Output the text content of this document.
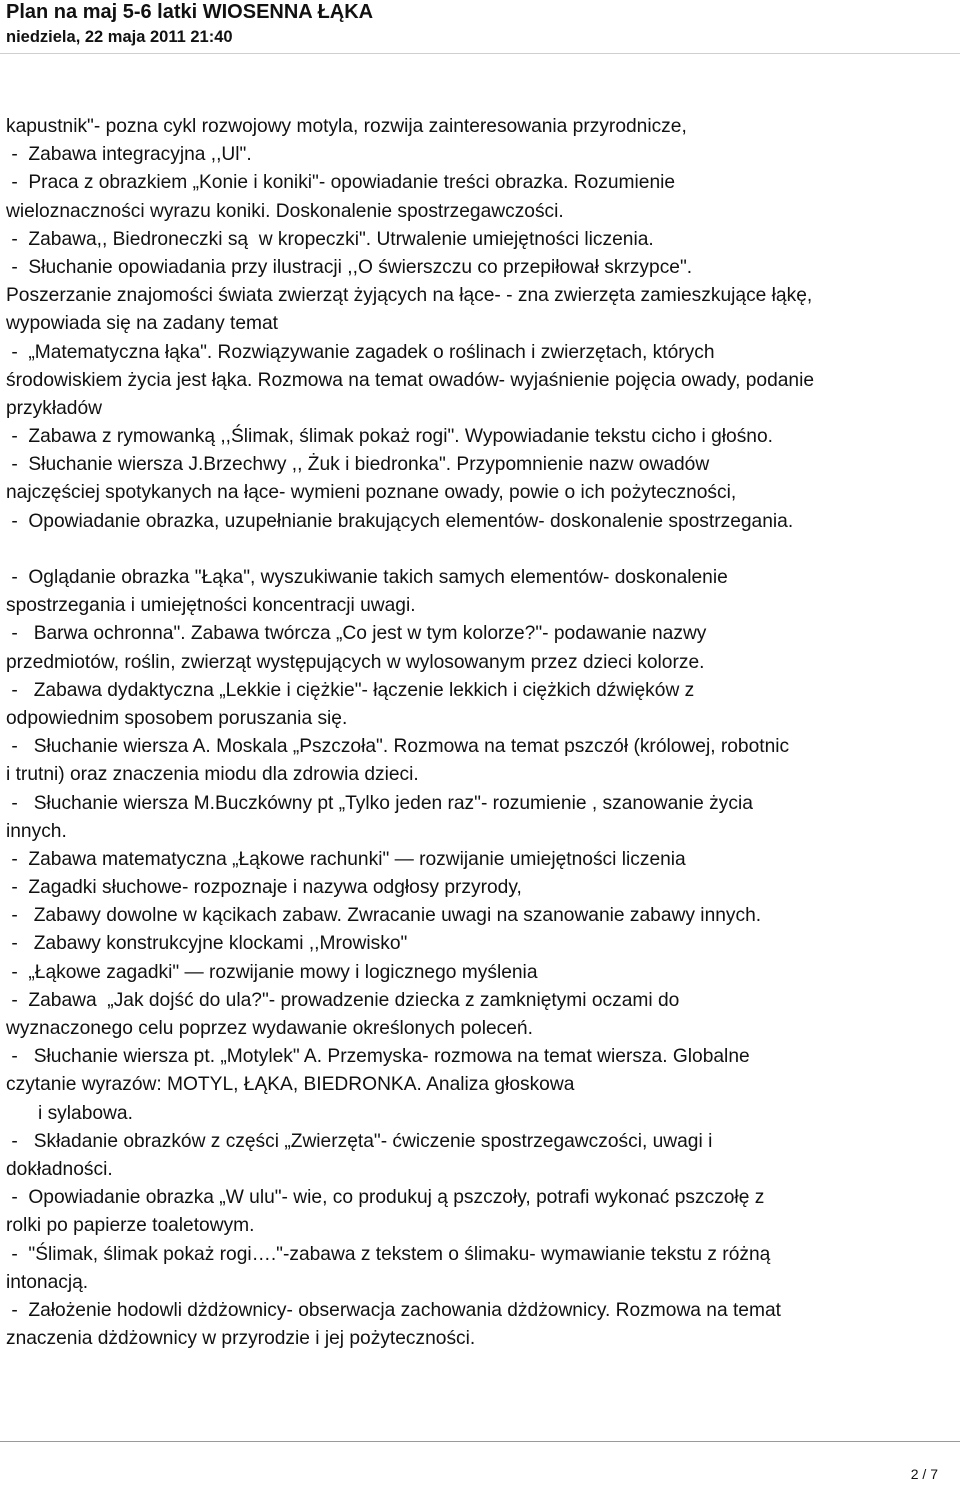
Plan na maj 5-6 latki WIOSENNA ŁĄKA

niedziela, 22 maja 2011 21:40

kapustnik"- pozna cykl rozwojowy motyla, rozwija zainteresowania przyrodnicze,
-  Zabawa integracyjna ,,Ul".
-  Praca z obrazkiem „Konie i koniki"- opowiadanie treści obrazka. Rozumienie
wieloznaczności wyrazu koniki. Doskonalenie spostrzegawczości.
-  Zabawa,, Biedroneczki są  w kropeczki". Utrwalenie umiejętności liczenia.
-  Słuchanie opowiadania przy ilustracji ,,O świerszczu co przepiłował skrzypce".
Poszerzanie znajomości świata zwierząt żyjących na łące- - zna zwierzęta zamieszkujące łąkę,
wypowiada się na zadany temat
-  „Matematyczna łąka". Rozwiązywanie zagadek o roślinach i zwierzętach, których
środowiskiem życia jest łąka. Rozmowa na temat owadów- wyjaśnienie pojęcia owady, podanie
przykładów
-  Zabawa z rymowanką ,,Ślimak, ślimak pokaż rogi". Wypowiadanie tekstu cicho i głośno.
-  Słuchanie wiersza J.Brzechwy ,, Żuk i biedronka". Przypomnienie nazw owadów
najczęściej spotykanych na łące- wymieni poznane owady, powie o ich pożyteczności,
-  Opowiadanie obrazka, uzupełnianie brakujących elementów- doskonalenie spostrzegania.
-  Oglądanie obrazka "Łąka", wyszukiwanie takich samych elementów- doskonalenie
spostrzegania i umiejętności koncentracji uwagi.
-   Barwa ochronna". Zabawa twórcza „Co jest w tym kolorze?"- podawanie nazwy
przedmiotów, roślin, zwierząt występujących w wylosowanym przez dzieci kolorze.
-   Zabawa dydaktyczna „Lekkie i ciężkie"- łączenie lekkich i ciężkich dźwięków z
odpowiednim sposobem poruszania się.
-   Słuchanie wiersza A. Moskala „Pszczoła". Rozmowa na temat pszczół (królowej, robotnic
i trutni) oraz znaczenia miodu dla zdrowia dzieci.
-   Słuchanie wiersza M.Buczkówny pt „Tylko jeden raz"- rozumienie , szanowanie życia
innych.
-  Zabawa matematyczna „Łąkowe rachunki" — rozwijanie umiejętności liczenia
-  Zagadki słuchowe- rozpoznaje i nazywa odgłosy przyrody,
-   Zabawy dowolne w kącikach zabaw. Zwracanie uwagi na szanowanie zabawy innych.
-   Zabawy konstrukcyjne klockami ,,Mrowisko"
-  „Łąkowe zagadki" — rozwijanie mowy i logicznego myślenia
-  Zabawa  „Jak dojść do ula?"- prowadzenie dziecka z zamkniętymi oczami do
wyznaczonego celu poprzez wydawanie określonych poleceń.
-   Słuchanie wiersza pt. „Motylek" A. Przemyska- rozmowa na temat wiersza. Globalne
czytanie wyrazów: MOTYL, ŁĄKA, BIEDRONKA. Analiza głoskowa
i sylabowa.
-   Składanie obrazków z części „Zwierzęta"- ćwiczenie spostrzegawczości, uwagi i
dokładności.
-  Opowiadanie obrazka „W ulu"- wie, co produkuj ą pszczoły, potrafi wykonać pszczołę z
rolki po papierze toaletowym.
-  "Ślimak, ślimak pokaż rogi…."-zabawa z tekstem o ślimaku- wymawianie tekstu z różną
intonacją.
-  Założenie hodowli dżdżownicy- obserwacja zachowania dżdżownicy. Rozmowa na temat
znaczenia dżdżownicy w przyrodzie i jej pożyteczności.
2 / 7
